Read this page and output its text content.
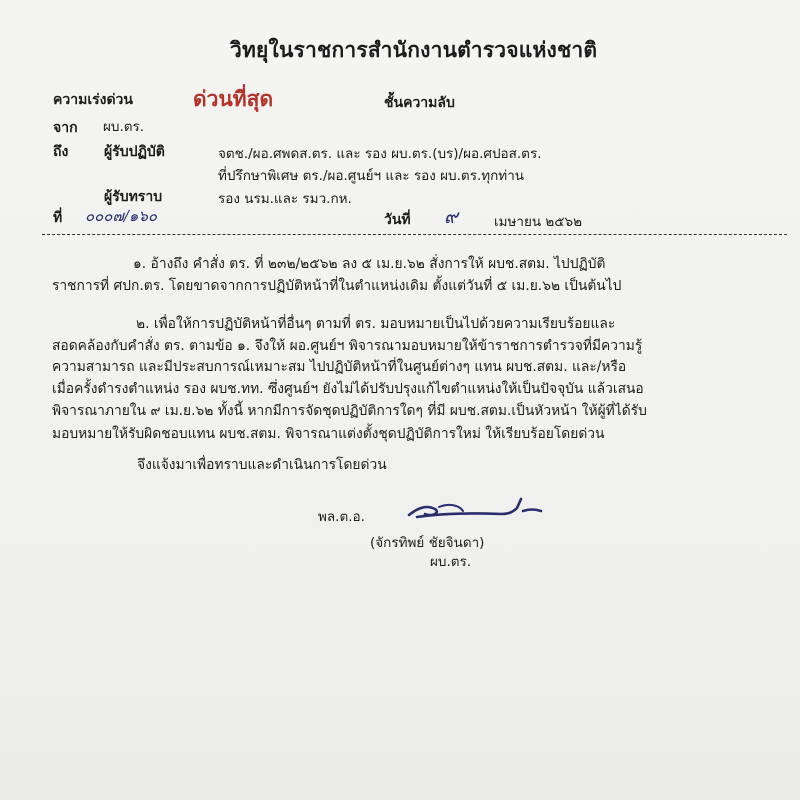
วิทยุในราชการสำนักงานตำรวจแห่งชาติ
ความเร่งด่วน	ด่วนที่สุด	ชั้นความลับ
จาก ผบ.ตร.
ถึง	ผู้รับปฏิบัติ	จตช./ผอ.ศพดส.ตร. และ รอง ผบ.ตร.(บร)/ผอ.ศปอส.ตร.
ที่ปรึกษาพิเศษ ตร./ผอ.ศูนย์ฯ และ รอง ผบ.ตร.ทุกท่าน
ผู้รับทราบ	รอง นรม.และ รมว.กห.
ที่ ๐๐๐๗/๑๖๐	วันที่ ๙	เมษายน ๒๕๖๒
๑. อ้างถึง คำสั่ง ตร. ที่ ๒๓๒/๒๕๖๒ ลง ๕ เม.ย.๖๒ สั่งการให้ ผบช.สตม. ไปปฏิบัติ
ราชการที่ ศปก.ตร. โดยขาดจากการปฏิบัติหน้าที่ในตำแหน่งเดิม ตั้งแต่วันที่ ๕ เม.ย.๖๒ เป็นต้นไป
๒. เพื่อให้การปฏิบัติหน้าที่อื่นๆ ตามที่ ตร. มอบหมายเป็นไปด้วยความเรียบร้อยและ
สอดคล้องกับคำสั่ง ตร. ตามข้อ ๑. จึงให้ ผอ.ศูนย์ฯ พิจารณามอบหมายให้ข้าราชการตำรวจที่มีความรู้
ความสามารถ และมีประสบการณ์เหมาะสม ไปปฏิบัติหน้าที่ในศูนย์ต่างๆ แทน ผบช.สตม. และ/หรือ
เมื่อครั้งดำรงตำแหน่ง รอง ผบช.ทท. ซึ่งศูนย์ฯ ยังไม่ได้ปรับปรุงแก้ไขตำแหน่งให้เป็นปัจจุบัน แล้วเสนอ
พิจารณาภายใน ๙ เม.ย.๖๒ ทั้งนี้ หากมีการจัดชุดปฏิบัติการใดๆ ที่มี ผบช.สตม.เป็นหัวหน้า ให้ผู้ที่ได้รับ
มอบหมายให้รับผิดชอบแทน ผบช.สตม. พิจารณาแต่งตั้งชุดปฏิบัติการใหม่ ให้เรียบร้อยโดยด่วน
จึงแจ้งมาเพื่อทราบและดำเนินการโดยด่วน
พล.ต.อ.
(จักรทิพย์ ชัยจินดา)
ผบ.ตร.
